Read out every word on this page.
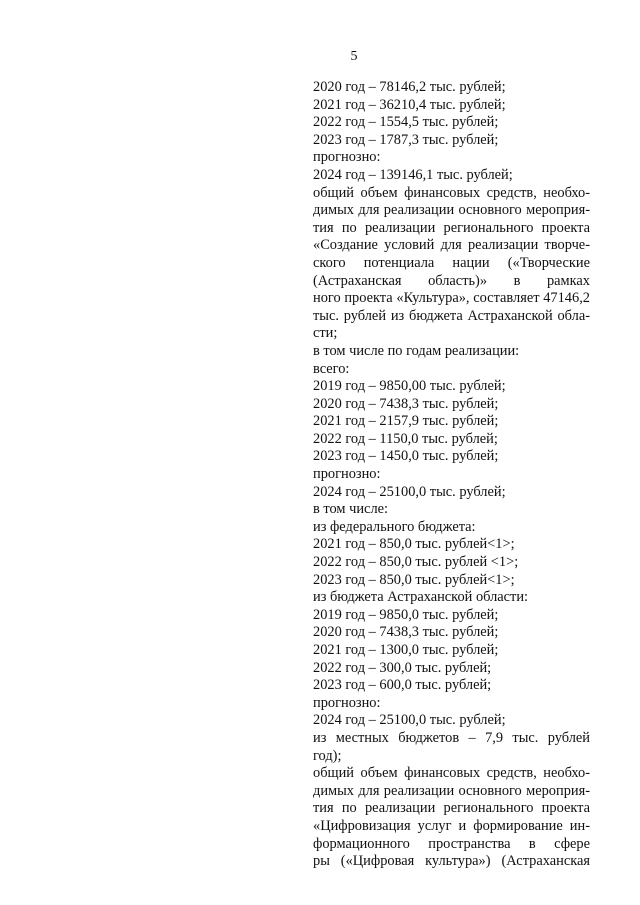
5
2020 год – 78146,2 тыс. рублей;
2021 год – 36210,4 тыс. рублей;
2022 год – 1554,5 тыс. рублей;
2023 год – 1787,3 тыс. рублей;
прогнозно:
2024 год – 139146,1 тыс. рублей;
общий объем финансовых средств, необхо-
димых для реализации основного мероприя-
тия по реализации регионального проекта
«Создание условий для реализации творче-
ского потенциала нации («Творческие
(Астраханская область)» в рамках
ного проекта «Культура», составляет 47146,2
тыс. рублей из бюджета Астраханской обла-
сти;
в том числе по годам реализации:
всего:
2019 год – 9850,00 тыс. рублей;
2020 год – 7438,3 тыс. рублей;
2021 год – 2157,9 тыс. рублей;
2022 год – 1150,0 тыс. рублей;
2023 год – 1450,0 тыс. рублей;
прогнозно:
2024 год – 25100,0 тыс. рублей;
в том числе:
из федерального бюджета:
2021 год – 850,0 тыс. рублей<1>;
2022 год – 850,0 тыс. рублей <1>;
2023 год – 850,0 тыс. рублей<1>;
из бюджета Астраханской области:
2019 год – 9850,0 тыс. рублей;
2020 год – 7438,3 тыс. рублей;
2021 год – 1300,0 тыс. рублей;
2022 год – 300,0 тыс. рублей;
2023 год – 600,0 тыс. рублей;
прогнозно:
2024 год – 25100,0 тыс. рублей;
из местных бюджетов – 7,9 тыс. рублей
год);
общий объем финансовых средств, необхо-
димых для реализации основного мероприя-
тия по реализации регионального проекта
«Цифровизация услуг и формирование ин-
формационного пространства в сфере
ры («Цифровая культура») (Астраханская
